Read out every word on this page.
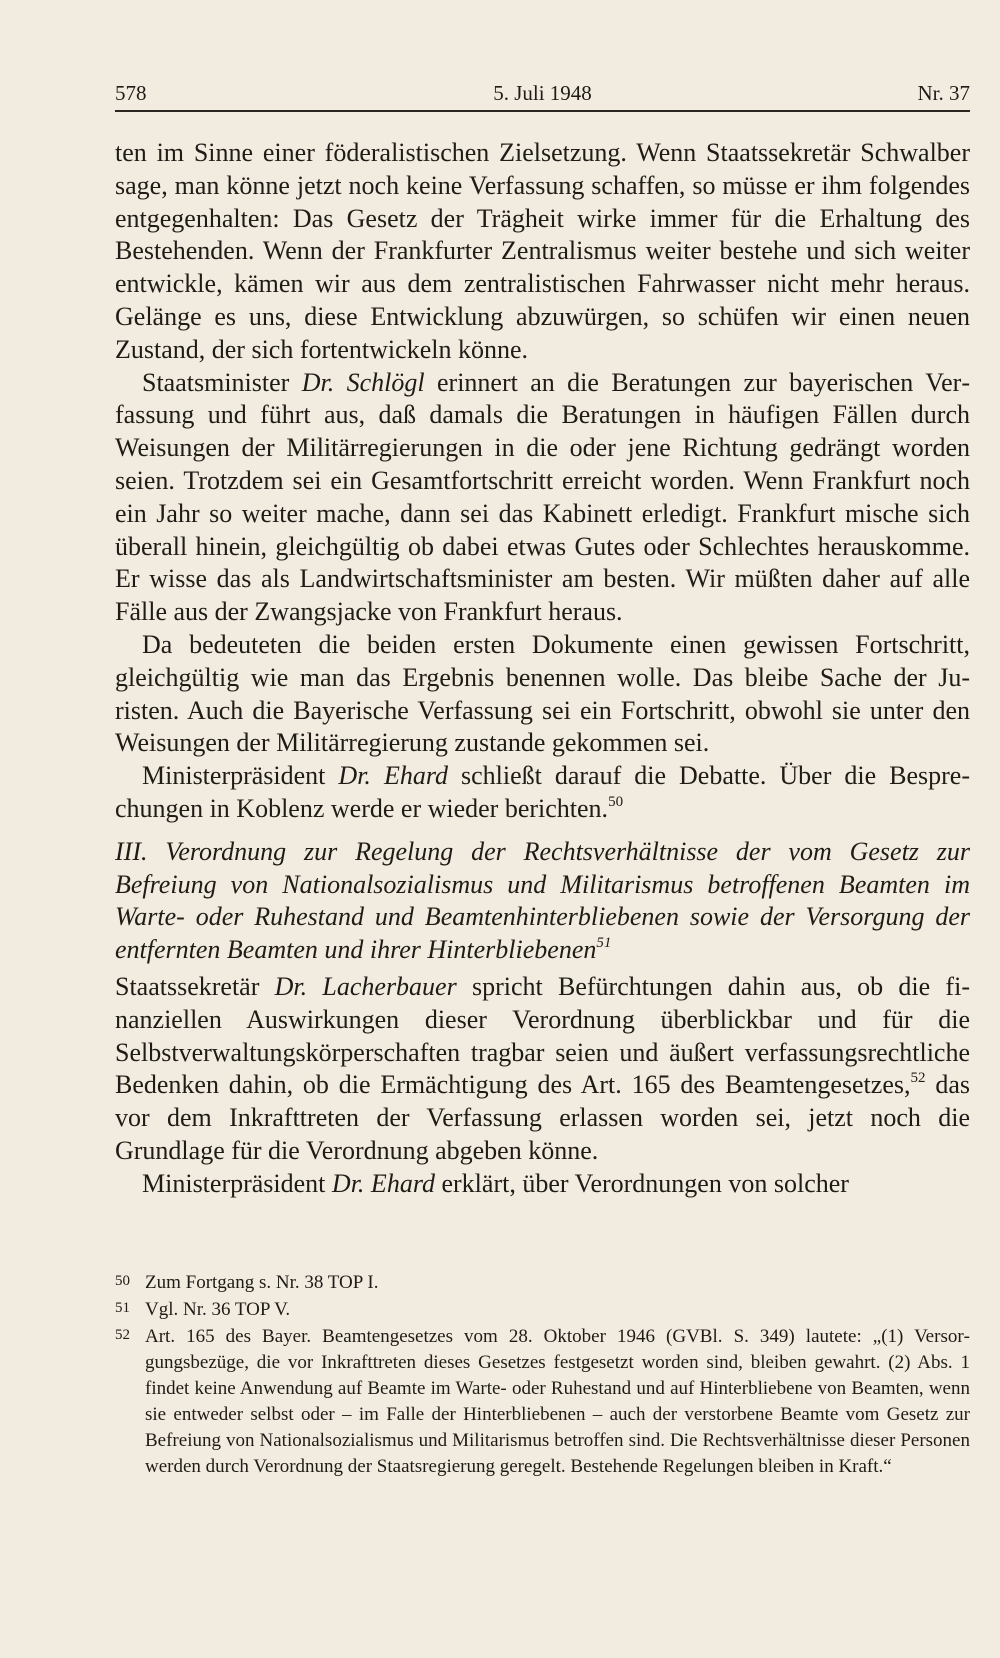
578	5. Juli 1948	Nr. 37

ten im Sinne einer föderalistischen Zielsetzung. Wenn Staatssekretär Schwalber sage, man könne jetzt noch keine Verfassung schaffen, so müsse er ihm folgendes entgegenhalten: Das Gesetz der Trägheit wirke immer für die Erhaltung des Bestehenden. Wenn der Frankfurter Zentralismus weiter bestehe und sich weiter entwickle, kämen wir aus dem zentralistischen Fahrwasser nicht mehr heraus. Gelänge es uns, diese Entwicklung abzuwürgen, so schüfen wir einen neuen Zustand, der sich fortentwickeln könne.

Staatsminister Dr. Schlögl erinnert an die Beratungen zur bayerischen Verfassung und führt aus, daß damals die Beratungen in häufigen Fällen durch Weisungen der Militärregierungen in die oder jene Richtung gedrängt worden seien. Trotzdem sei ein Gesamtfortschritt erreicht worden. Wenn Frankfurt noch ein Jahr so weiter mache, dann sei das Kabinett erledigt. Frankfurt mische sich überall hinein, gleichgültig ob dabei etwas Gutes oder Schlechtes herauskomme. Er wisse das als Landwirtschaftsminister am besten. Wir müßten daher auf alle Fälle aus der Zwangsjacke von Frankfurt heraus.

Da bedeuteten die beiden ersten Dokumente einen gewissen Fortschritt, gleichgültig wie man das Ergebnis benennen wolle. Das bleibe Sache der Juristen. Auch die Bayerische Verfassung sei ein Fortschritt, obwohl sie unter den Weisungen der Militärregierung zustande gekommen sei.

Ministerpräsident Dr. Ehard schließt darauf die Debatte. Über die Besprechungen in Koblenz werde er wieder berichten.$^{50}$

III. Verordnung zur Regelung der Rechtsverhältnisse der vom Gesetz zur Befreiung von Nationalsozialismus und Militarismus betroffenen Beamten im Warte- oder Ruhestand und Beamtenhinterbliebenen sowie der Versorgung der entfernten Beamten und ihrer Hinterbliebenen$^{51}$

Staatssekretär Dr. Lacherbauer spricht Befürchtungen dahin aus, ob die finanziellen Auswirkungen dieser Verordnung überblickbar und für die Selbstverwaltungskörperschaften tragbar seien und äußert verfassungsrechtliche Bedenken dahin, ob die Ermächtigung des Art. 165 des Beamtengesetzes,$^{52}$ das vor dem Inkrafttreten der Verfassung erlassen worden sei, jetzt noch die Grundlage für die Verordnung abgeben könne.

Ministerpräsident Dr. Ehard erklärt, über Verordnungen von solcher

50 Zum Fortgang s. Nr. 38 TOP I.
51 Vgl. Nr. 36 TOP V.
52 Art. 165 des Bayer. Beamtengesetzes vom 28. Oktober 1946 (GVBl. S. 349) lautete: „(1) Versorgungsbezüge, die vor Inkrafttreten dieses Gesetzes festgesetzt worden sind, bleiben gewahrt. (2) Abs. 1 findet keine Anwendung auf Beamte im Warte- oder Ruhestand und auf Hinterbliebene von Beamten, wenn sie entweder selbst oder – im Falle der Hinterbliebenen – auch der verstorbene Beamte vom Gesetz zur Befreiung von Nationalsozialismus und Militarismus betroffen sind. Die Rechtsverhältnisse dieser Personen werden durch Verordnung der Staatsregierung geregelt. Bestehende Regelungen bleiben in Kraft.“
